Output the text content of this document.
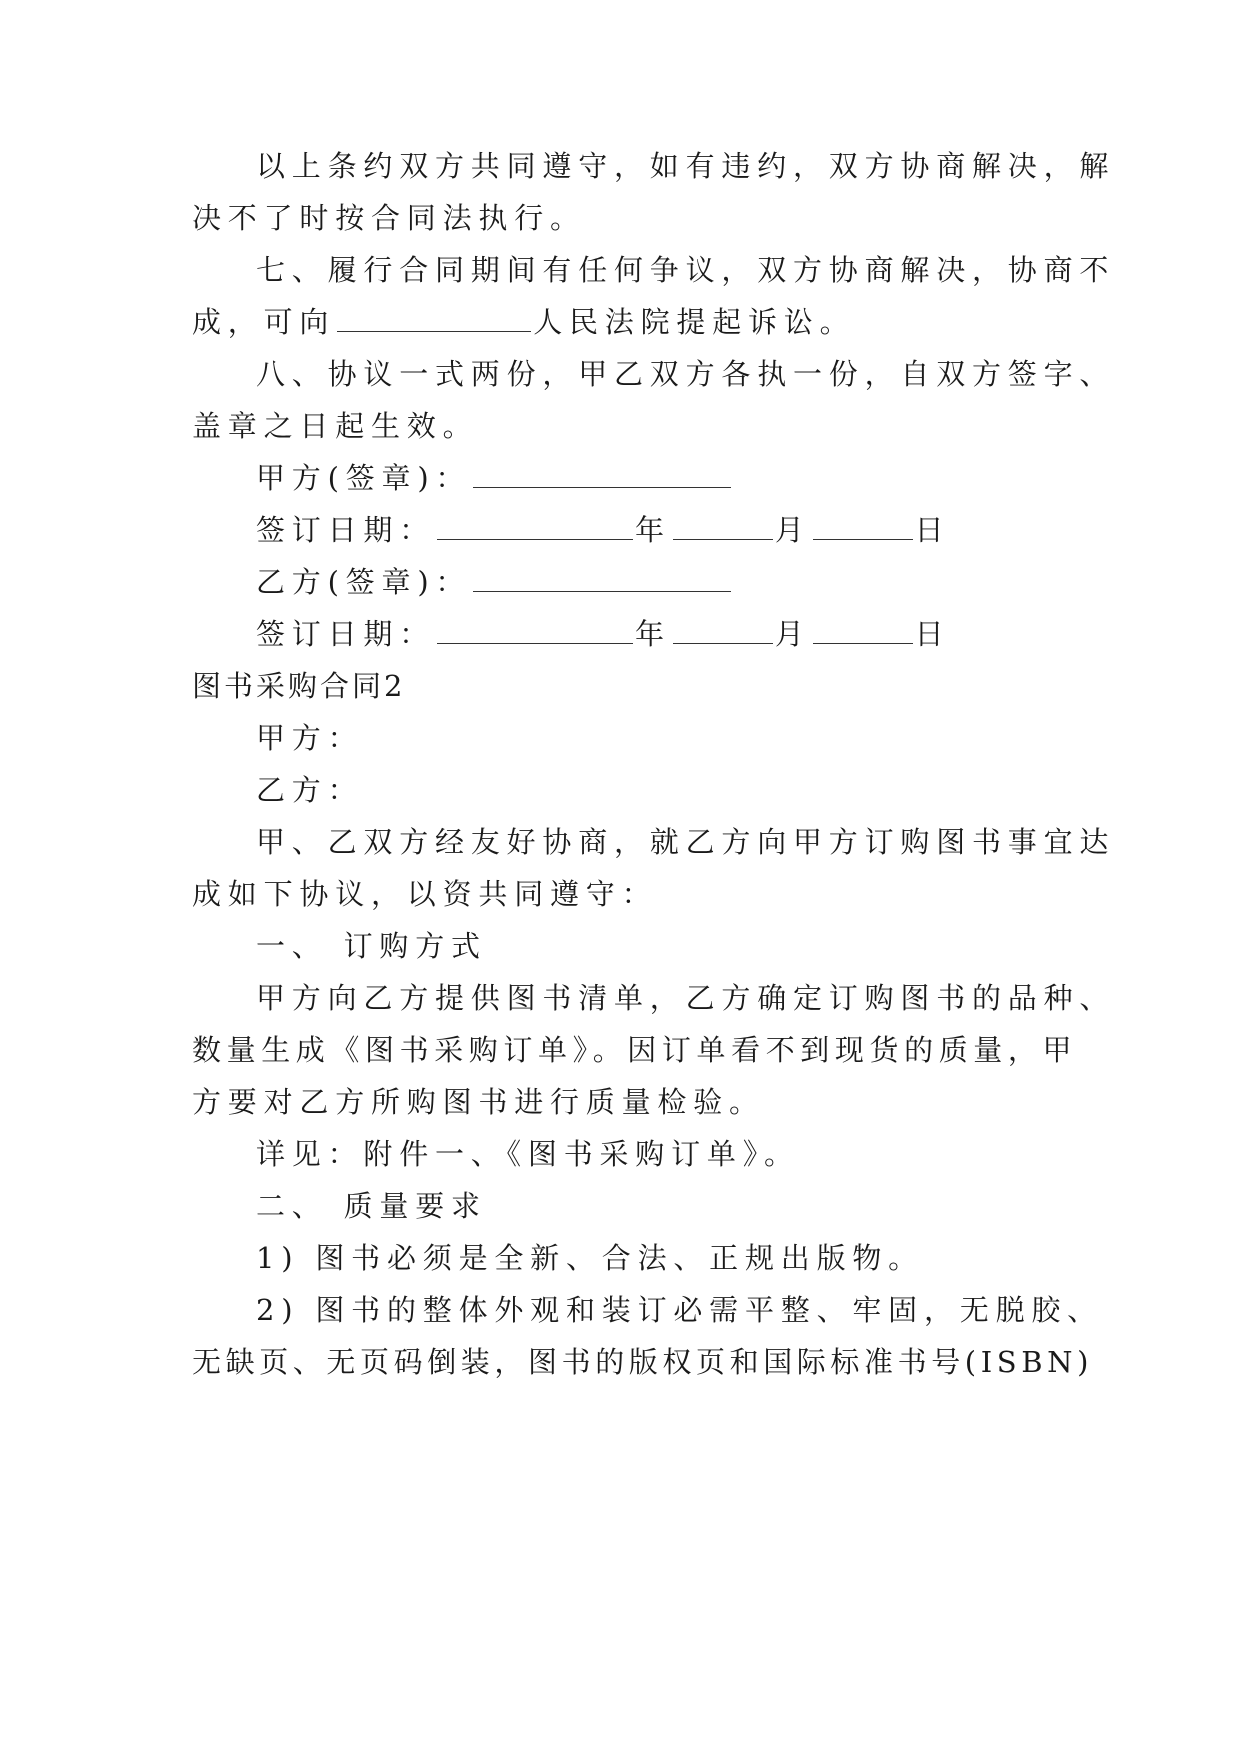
以上条约双方共同遵守，如有违约，双方协商解决，解
决不了时按合同法执行。
七、履行合同期间有任何争议，双方协商解决，协商不
成，可向	人民法院提起诉讼。
八、协议一式两份，甲乙双方各执一份，自双方签字、
盖章之日起生效。
甲方(签章)：
签订日期：	年	月	日
乙方(签章)：
签订日期：	年	月	日
图书采购合同2
甲方：
乙方：
甲、乙双方经友好协商，就乙方向甲方订购图书事宜达
成如下协议，以资共同遵守：
一、 订购方式
甲方向乙方提供图书清单，乙方确定订购图书的品种、
数量生成《图书采购订单》。因订单看不到现货的质量，甲
方要对乙方所购图书进行质量检验。
详见：附件一、《图书采购订单》。
二、 质量要求
1) 图书必须是全新、合法、正规出版物。
2) 图书的整体外观和装订必需平整、牢固，无脱胶、
无缺页、无页码倒装，图书的版权页和国际标准书号(ISBN)
